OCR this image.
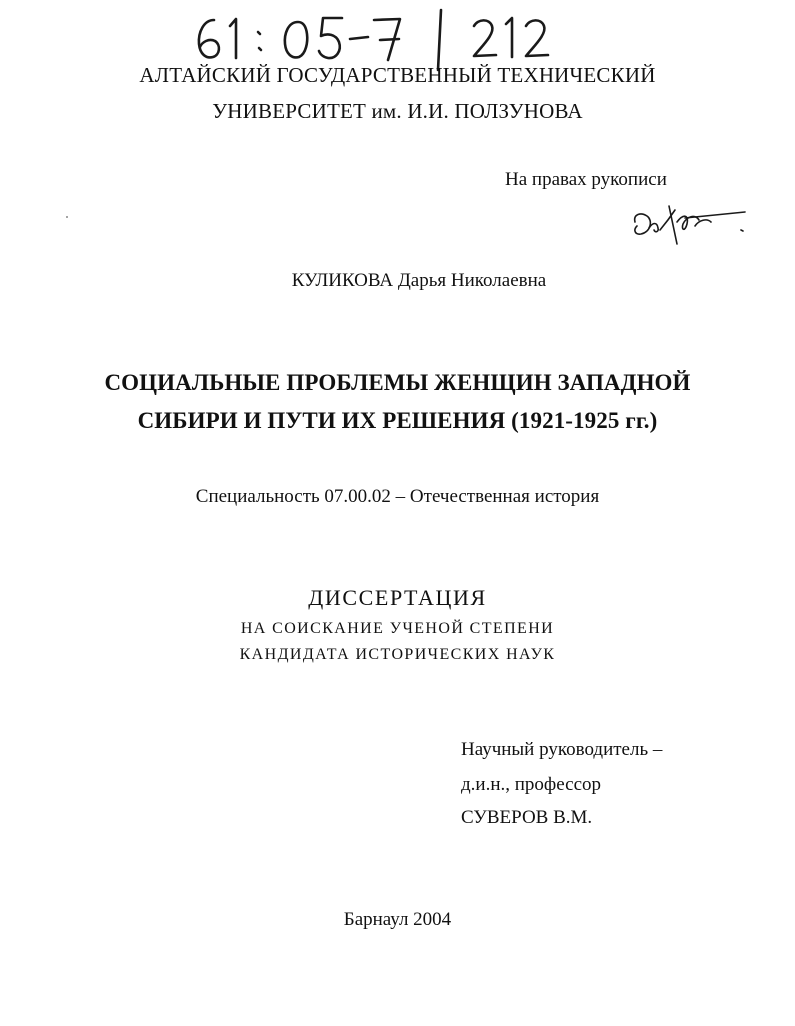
АЛТАЙСКИЙ ГОСУДАРСТВЕННЫЙ ТЕХНИЧЕСКИЙ
УНИВЕРСИТЕТ им. И.И. ПОЛЗУНОВА
На правах рукописи
КУЛИКОВА Дарья Николаевна
СОЦИАЛЬНЫЕ ПРОБЛЕМЫ ЖЕНЩИН ЗАПАДНОЙ
СИБИРИ И ПУТИ ИХ РЕШЕНИЯ (1921-1925 гг.)
Специальность 07.00.02 – Отечественная история
ДИССЕРТАЦИЯ
НА СОИСКАНИЕ УЧЕНОЙ СТЕПЕНИ
КАНДИДАТА ИСТОРИЧЕСКИХ НАУК
Научный руководитель –
д.и.н., профессор
СУВЕРОВ В.М.
Барнаул 2004
